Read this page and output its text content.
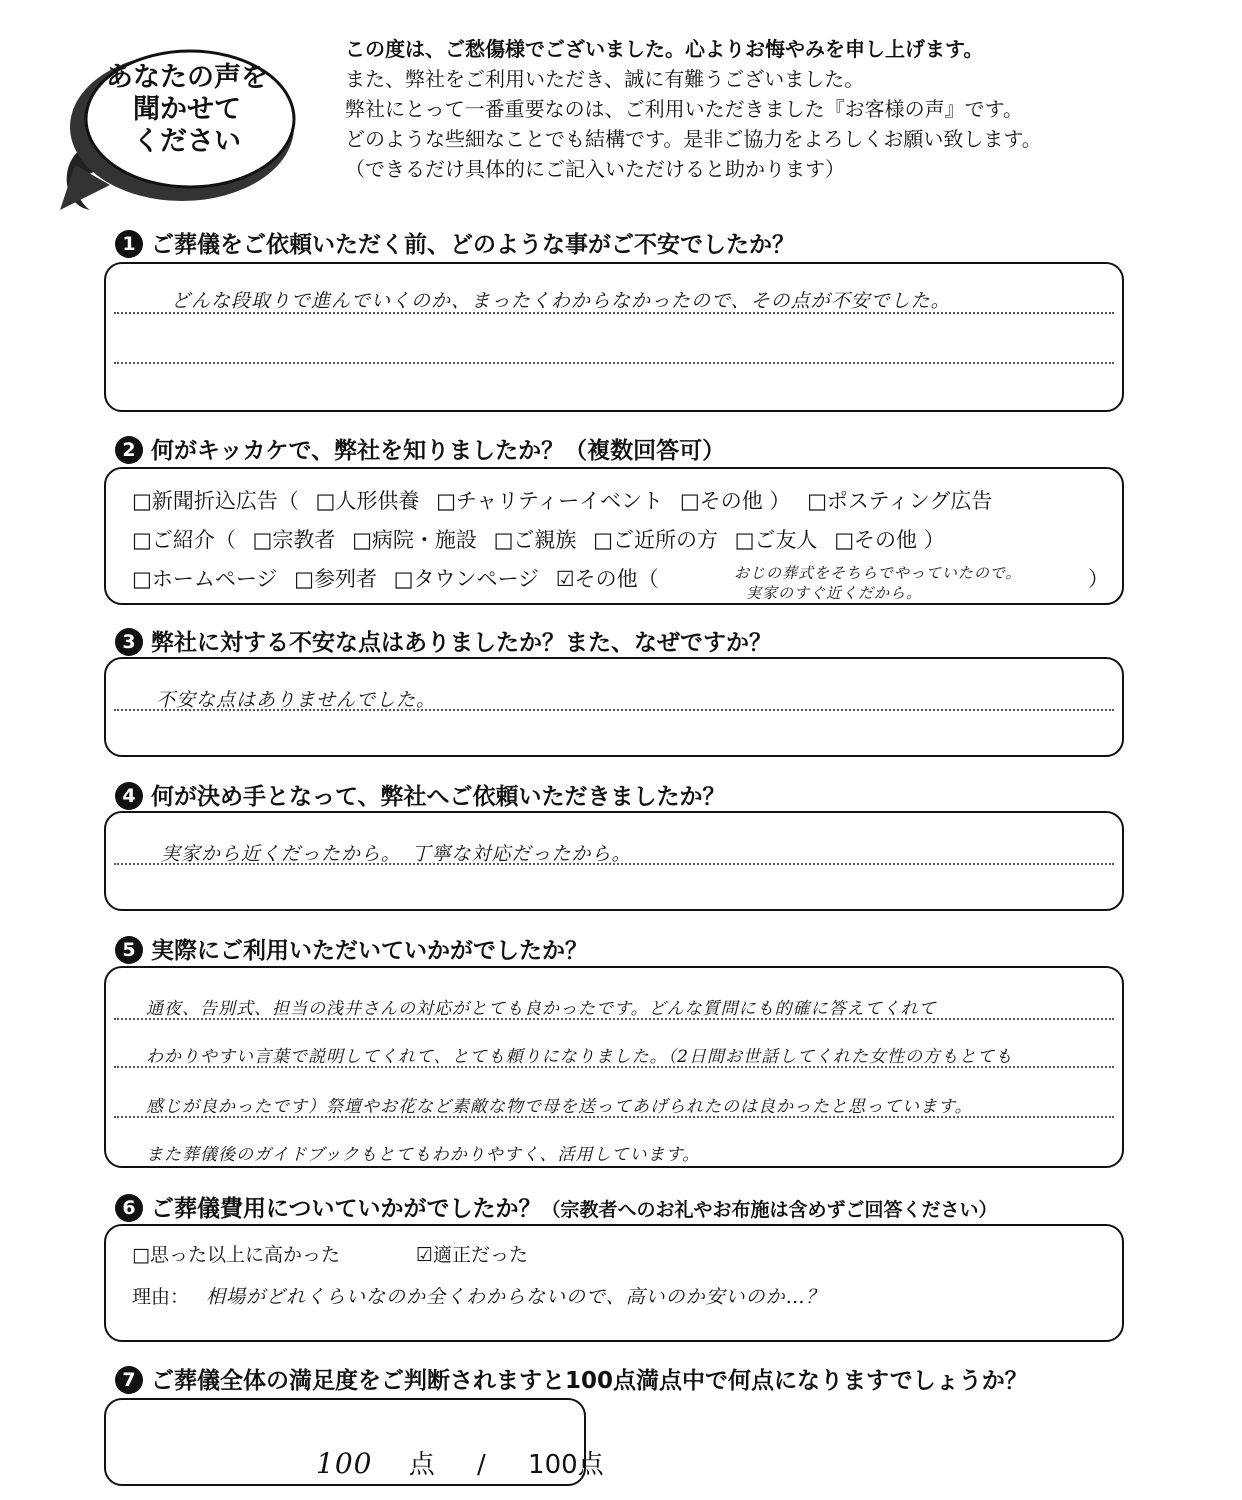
あなたの声を
聞かせて
ください
この度は、ご愁傷様でございました。心よりお悔やみを申し上げます。
また、弊社をご利用いただき、誠に有難うございました。
弊社にとって一番重要なのは、ご利用いただきました『お客様の声』です。
どのような些細なことでも結構です。是非ご協力をよろしくお願い致します。
（できるだけ具体的にご記入いただけると助かります）
1 ご葬儀をご依頼いただく前、どのような事がご不安でしたか？
どんな段取りで進んでいくのか、まったくわからなかったので、その点が不安でした。
2 何がキッカケで、弊社を知りましたか？（複数回答可）
□新聞折込広告（ □人形供養 □チャリティーイベント □その他 ） □ポスティング広告
□ご紹介（ □宗教者 □病院・施設 □ご親族 □ご近所の方 □ご友人 □その他 ）
□ホームページ □参列者 □タウンページ ☑その他（	おじの葬式をそちらでやっていたので。
実家のすぐ近くだから。
）
3 弊社に対する不安な点はありましたか？また、なぜですか？
不安な点はありませんでした。
4 何が決め手となって、弊社へご依頼いただきましたか？
実家から近くだったから。　丁寧な対応だったから。
5 実際にご利用いただいていかがでしたか？
通夜、告別式、担当の浅井さんの対応がとても良かったです。どんな質問にも的確に答えてくれて
わかりやすい言葉で説明してくれて、とても頼りになりました。（2日間お世話してくれた女性の方もとても
感じが良かったです）祭壇やお花など素敵な物で母を送ってあげられたのは良かったと思っています。
また葬儀後のガイドブックもとてもわかりやすく、活用しています。
6 ご葬儀費用についていかがでしたか？（宗教者へのお礼やお布施は含めずご回答ください）
□思った以上に高かった	☑適正だった
理由： 相場がどれくらいなのか全くわからないので、高いのか安いのか…？
7 ご葬儀全体の満足度をご判断されますと100点満点中で何点になりますでしょうか？
100 点 / 100点
